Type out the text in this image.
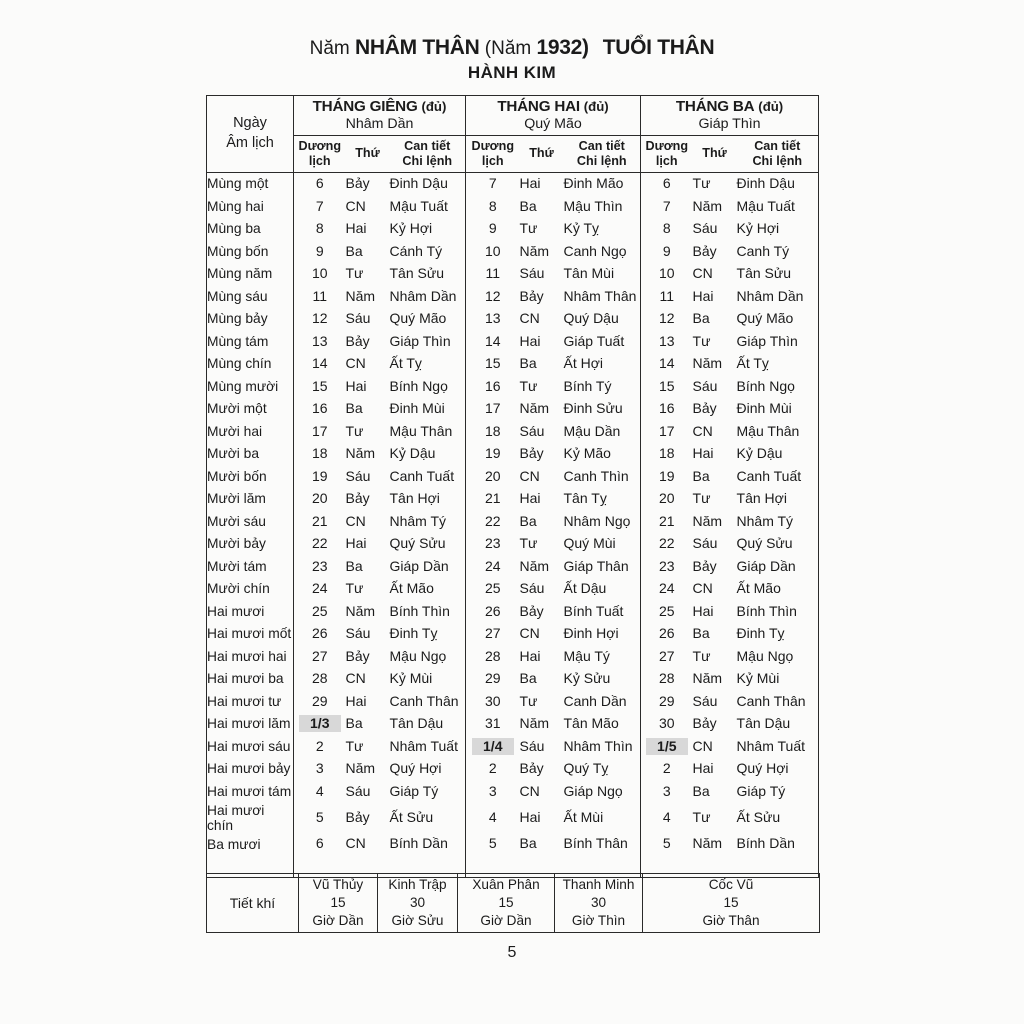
Năm NHÂM THÂN (Năm 1932) TUỔI THÂN
HÀNH KIM
Ngày
Âm lịch
	THÁNG GIÊNG (đủ)
Nhâm Dần
	THÁNG HAI (đủ)
Quý Mão
	THÁNG BA (đủ)
Giáp Thìn

Dương
lịch
	Thứ	
Can tiết
Chi lệnh

Dương
lịch
	Thứ	
Can tiết
Chi lệnh

Dương
lịch
	Thứ	
Can tiết
Chi lệnh

Mùng một	6	Bảy	Đinh Dậu	7	Hai	Đinh Mão	6	Tư	Đinh Dậu
Mùng hai	7	CN	Mậu Tuất	8	Ba	Mậu Thìn	7	Năm	Mậu Tuất
Mùng ba	8	Hai	Kỷ Hợi	9	Tư	Kỷ Tỵ	8	Sáu	Kỷ Hợi
Mùng bốn	9	Ba	Cánh Tý	10	Năm	Canh Ngọ	9	Bảy	Canh Tý
Mùng năm	10	Tư	Tân Sửu	11	Sáu	Tân Mùi	10	CN	Tân Sửu
Mùng sáu	11	Năm	Nhâm Dần	12	Bảy	Nhâm Thân	11	Hai	Nhâm Dần
Mùng bảy	12	Sáu	Quý Mão	13	CN	Quý Dậu	12	Ba	Quý Mão
Mùng tám	13	Bảy	Giáp Thìn	14	Hai	Giáp Tuất	13	Tư	Giáp Thìn
Mùng chín	14	CN	Ất Tỵ	15	Ba	Ất Hợi	14	Năm	Ất Tỵ
Mùng mười	15	Hai	Bính Ngọ	16	Tư	Bính Tý	15	Sáu	Bính Ngọ
Mười một	16	Ba	Đinh Mùi	17	Năm	Đinh Sửu	16	Bảy	Đinh Mùi
Mười hai	17	Tư	Mậu Thân	18	Sáu	Mậu Dần	17	CN	Mậu Thân
Mười ba	18	Năm	Kỷ Dậu	19	Bảy	Kỷ Mão	18	Hai	Kỷ Dậu
Mười bốn	19	Sáu	Canh Tuất	20	CN	Canh Thìn	19	Ba	Canh Tuất
Mười lăm	20	Bảy	Tân Hợi	21	Hai	Tân Tỵ	20	Tư	Tân Hợi
Mười sáu	21	CN	Nhâm Tý	22	Ba	Nhâm Ngọ	21	Năm	Nhâm Tý
Mười bảy	22	Hai	Quý Sửu	23	Tư	Quý Mùi	22	Sáu	Quý Sửu
Mười tám	23	Ba	Giáp Dần	24	Năm	Giáp Thân	23	Bảy	Giáp Dần
Mười chín	24	Tư	Ất Mão	25	Sáu	Ất Dậu	24	CN	Ất Mão
Hai mươi	25	Năm	Bính Thìn	26	Bảy	Bính Tuất	25	Hai	Bính Thìn
Hai mươi mốt	26	Sáu	Đinh Tỵ	27	CN	Đinh Hợi	26	Ba	Đinh Tỵ
Hai mươi hai	27	Bảy	Mậu Ngọ	28	Hai	Mậu Tý	27	Tư	Mậu Ngọ
Hai mươi ba	28	CN	Kỷ Mùi	29	Ba	Kỷ Sửu	28	Năm	Kỷ Mùi
Hai mươi tư	29	Hai	Canh Thân	30	Tư	Canh Dần	29	Sáu	Canh Thân
Hai mươi lăm	1/3	Ba	Tân Dậu	31	Năm	Tân Mão	30	Bảy	Tân Dậu
Hai mươi sáu	2	Tư	Nhâm Tuất	1/4	Sáu	Nhâm Thìn	1/5	CN	Nhâm Tuất
Hai mươi bảy	3	Năm	Quý Hợi	2	Bảy	Quý Tỵ	2	Hai	Quý Hợi
Hai mươi tám	4	Sáu	Giáp Tý	3	CN	Giáp Ngọ	3	Ba	Giáp Tý
Hai mươi chín	5	Bảy	Ất Sửu	4	Hai	Ất Mùi	4	Tư	Ất Sửu
Ba mươi	6	CN	Bính Dần	5	Ba	Bính Thân	5	Năm	Bính Dần

Tiết khí	
Vũ Thủy
15
Giờ Dần

Kinh Trập
30
Giờ Sửu

Xuân Phân
15
Giờ Dần

Thanh Minh
30
Giờ Thìn

Cốc Vũ
15
Giờ Thân
5
